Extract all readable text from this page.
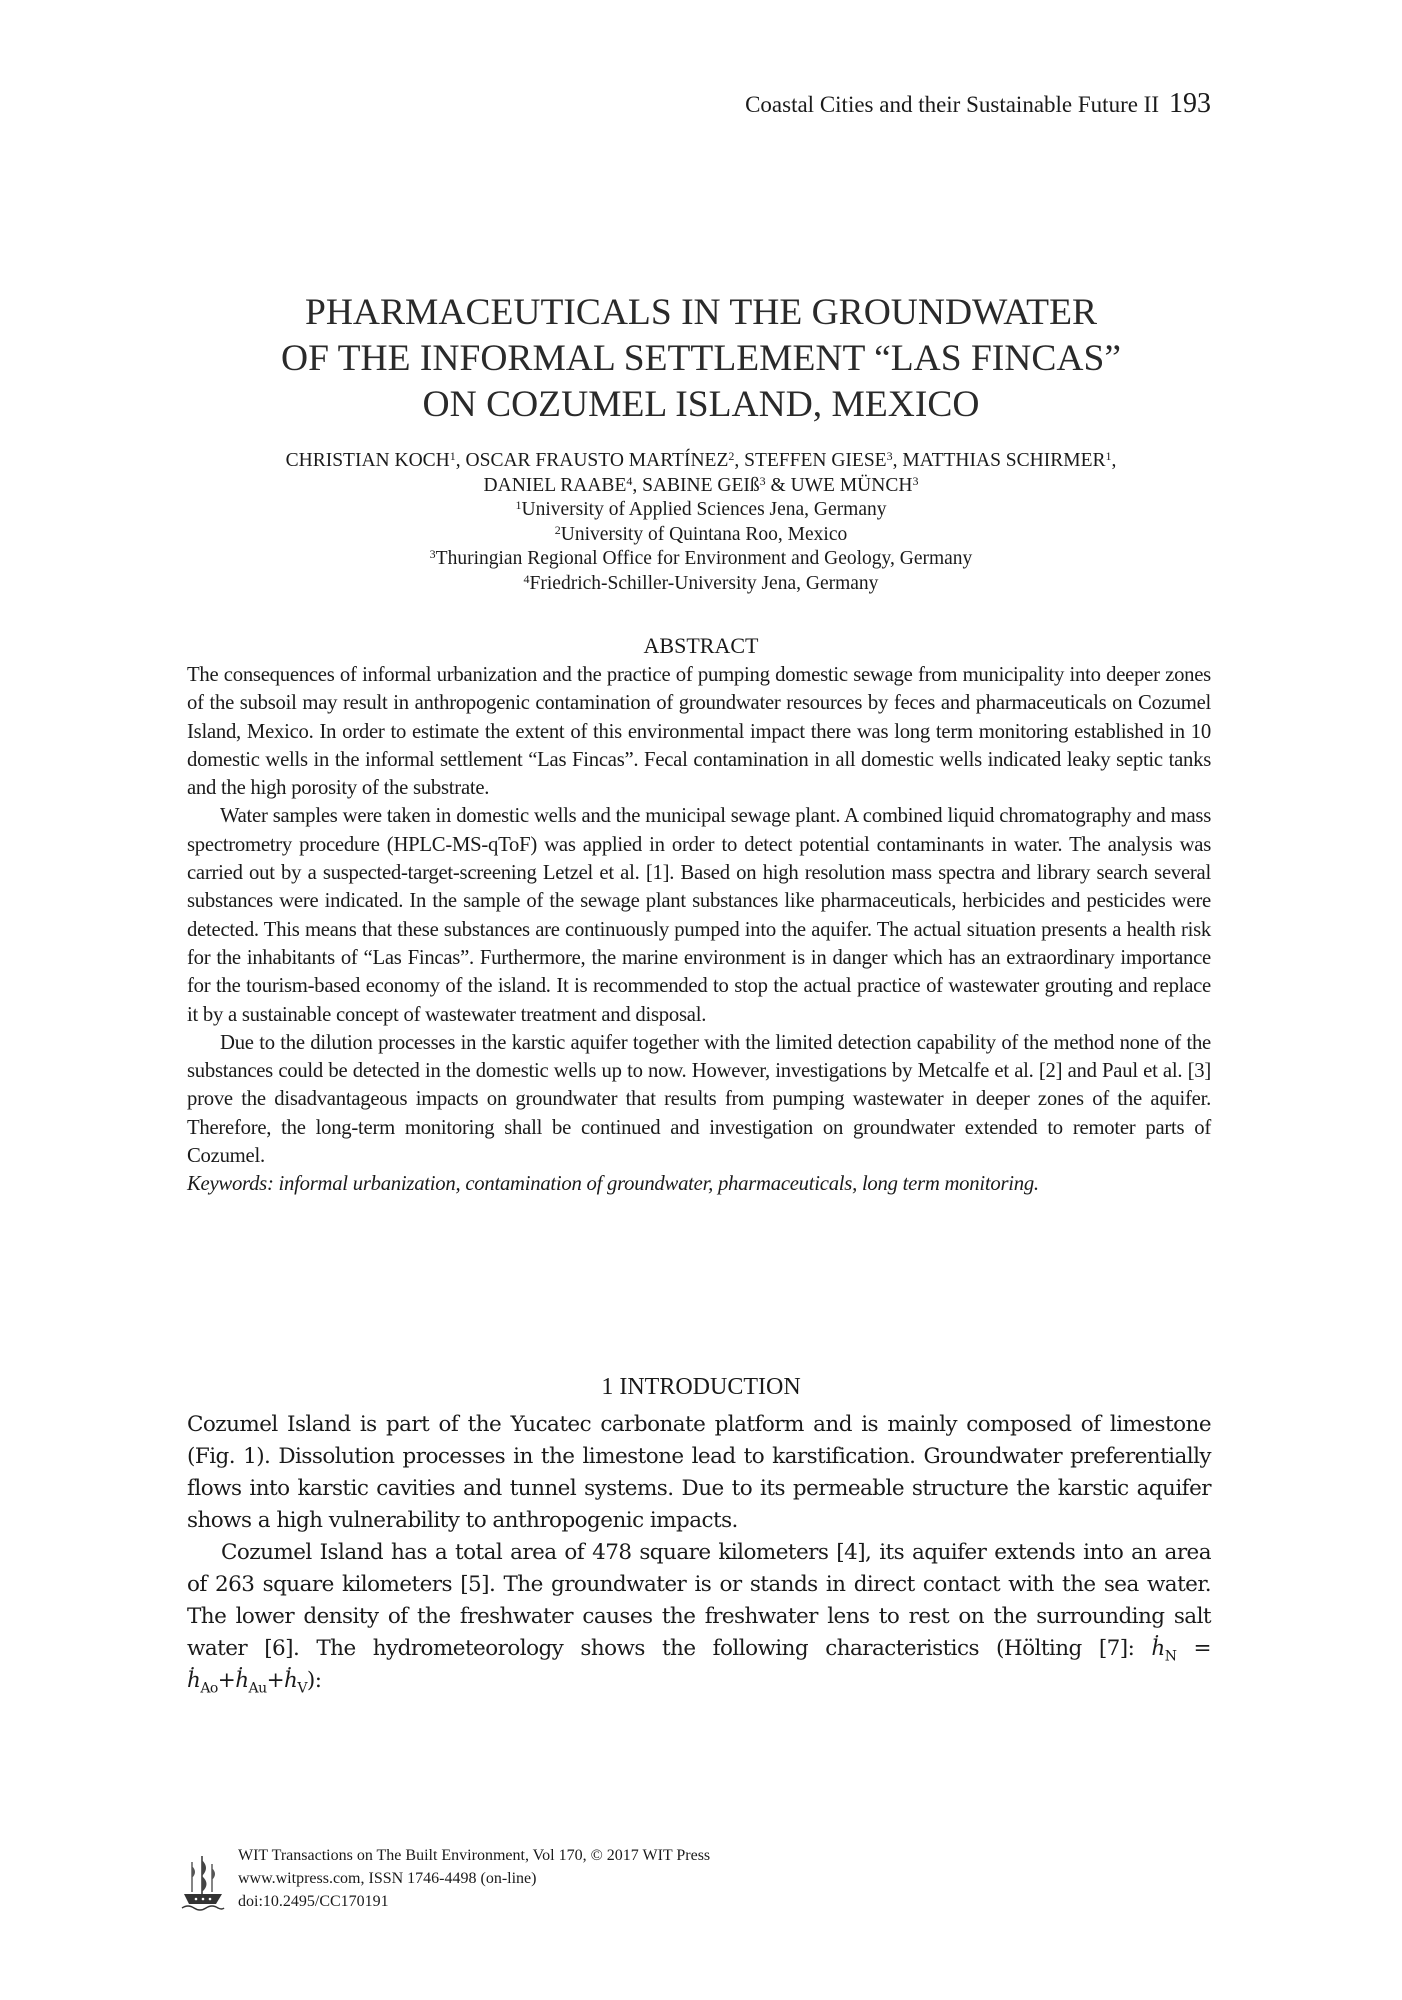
Coastal Cities and their Sustainable Future II 193
PHARMACEUTICALS IN THE GROUNDWATER
OF THE INFORMAL SETTLEMENT “LAS FINCAS”
ON COZUMEL ISLAND, MEXICO
CHRISTIAN KOCH$^1$, OSCAR FRAUSTO MARTÍNEZ$^2$, STEFFEN GIESE$^3$, MATTHIAS SCHIRMER$^1$,
DANIEL RAABE$^4$, SABINE GEIß$^3$ & UWE MÜNCH$^3$
$^1$University of Applied Sciences Jena, Germany
$^2$University of Quintana Roo, Mexico
$^3$Thuringian Regional Office for Environment and Geology, Germany
$^4$Friedrich-Schiller-University Jena, Germany
ABSTRACT

The consequences of informal urbanization and the practice of pumping domestic sewage from municipality into deeper zones of the subsoil may result in anthropogenic contamination of groundwater resources by feces and pharmaceuticals on Cozumel Island, Mexico. In order to estimate the extent of this environmental impact there was long term monitoring established in 10 domestic wells in the informal settlement “Las Fincas”. Fecal contamination in all domestic wells indicated leaky septic tanks and the high porosity of the substrate.

Water samples were taken in domestic wells and the municipal sewage plant. A combined liquid chromatography and mass spectrometry procedure (HPLC-MS-qToF) was applied in order to detect potential contaminants in water. The analysis was carried out by a suspected-target-screening Letzel et al. [1]. Based on high resolution mass spectra and library search several substances were indicated. In the sample of the sewage plant substances like pharmaceuticals, herbicides and pesticides were detected. This means that these substances are continuously pumped into the aquifer. The actual situation presents a health risk for the inhabitants of “Las Fincas”. Furthermore, the marine environment is in danger which has an extraordinary importance for the tourism-based economy of the island. It is recommended to stop the actual practice of wastewater grouting and replace it by a sustainable concept of wastewater treatment and disposal.

Due to the dilution processes in the karstic aquifer together with the limited detection capability of the method none of the substances could be detected in the domestic wells up to now. However, investigations by Metcalfe et al. [2] and Paul et al. [3] prove the disadvantageous impacts on groundwater that results from pumping wastewater in deeper zones of the aquifer. Therefore, the long-term monitoring shall be continued and investigation on groundwater extended to remoter parts of Cozumel.

Keywords: informal urbanization, contamination of groundwater, pharmaceuticals, long term monitoring.

1 INTRODUCTION

Cozumel Island is part of the Yucatec carbonate platform and is mainly composed of limestone (Fig. 1). Dissolution processes in the limestone lead to karstification. Groundwater preferentially flows into karstic cavities and tunnel systems. Due to its permeable structure the karstic aquifer shows a high vulnerability to anthropogenic impacts.

Cozumel Island has a total area of 478 square kilometers [4], its aquifer extends into an area of 263 square kilometers [5]. The groundwater is or stands in direct contact with the sea water. The lower density of the freshwater causes the freshwater lens to rest on the surrounding salt water [6]. The hydrometeorology shows the following characteristics (Hölting [7]: ḣ$_N$ = ḣ$_{Ao}$+ḣ$_{Au}$+ḣ$_V$):

WIT Transactions on The Built Environment, Vol 170, © 2017 WIT Press
www.witpress.com, ISSN 1746-4498 (on-line)
doi:10.2495/CC170191
